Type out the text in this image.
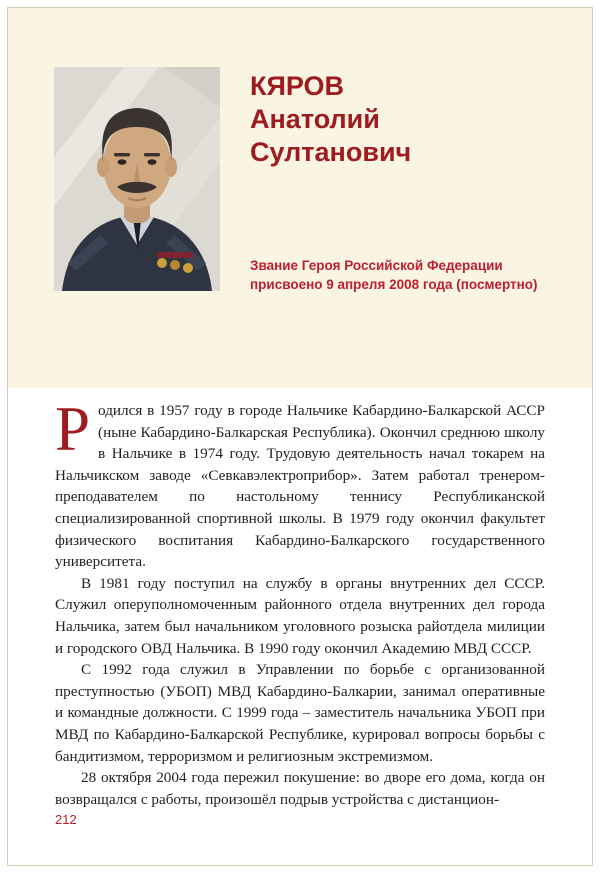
КЯРОВ
Анатолий
Султанович
Звание Героя Российской Федерации присвоено 9 апреля 2008 года (посмертно)

Родился в 1957 году в городе Нальчике Кабардино-Балкарской АССР (ныне Кабардино-Балкарская Республика). Окончил среднюю школу в Нальчике в 1974 году. Трудовую деятельность начал токарем на Нальчикском заводе «Севкавэлектроприбор». Затем работал тренером-преподавателем по настольному теннису Республиканской специализированной спортивной школы. В 1979 году окончил факультет физического воспитания Кабардино-Балкарского государственного университета.

В 1981 году поступил на службу в органы внутренних дел СССР. Служил оперуполномоченным районного отдела внутренних дел города Нальчика, затем был начальником уголовного розыска райотдела милиции и городского ОВД Нальчика. В 1990 году окончил Академию МВД СССР.

С 1992 года служил в Управлении по борьбе с организованной преступностью (УБОП) МВД Кабардино-Балкарии, занимал оперативные и командные должности. С 1999 года – заместитель начальника УБОП при МВД по Кабардино-Балкарской Республике, курировал вопросы борьбы с бандитизмом, терроризмом и религиозным экстремизмом.

28 октября 2004 года пережил покушение: во дворе его дома, когда он возвращался с работы, произошёл подрыв устройства с дистанцион-

212
